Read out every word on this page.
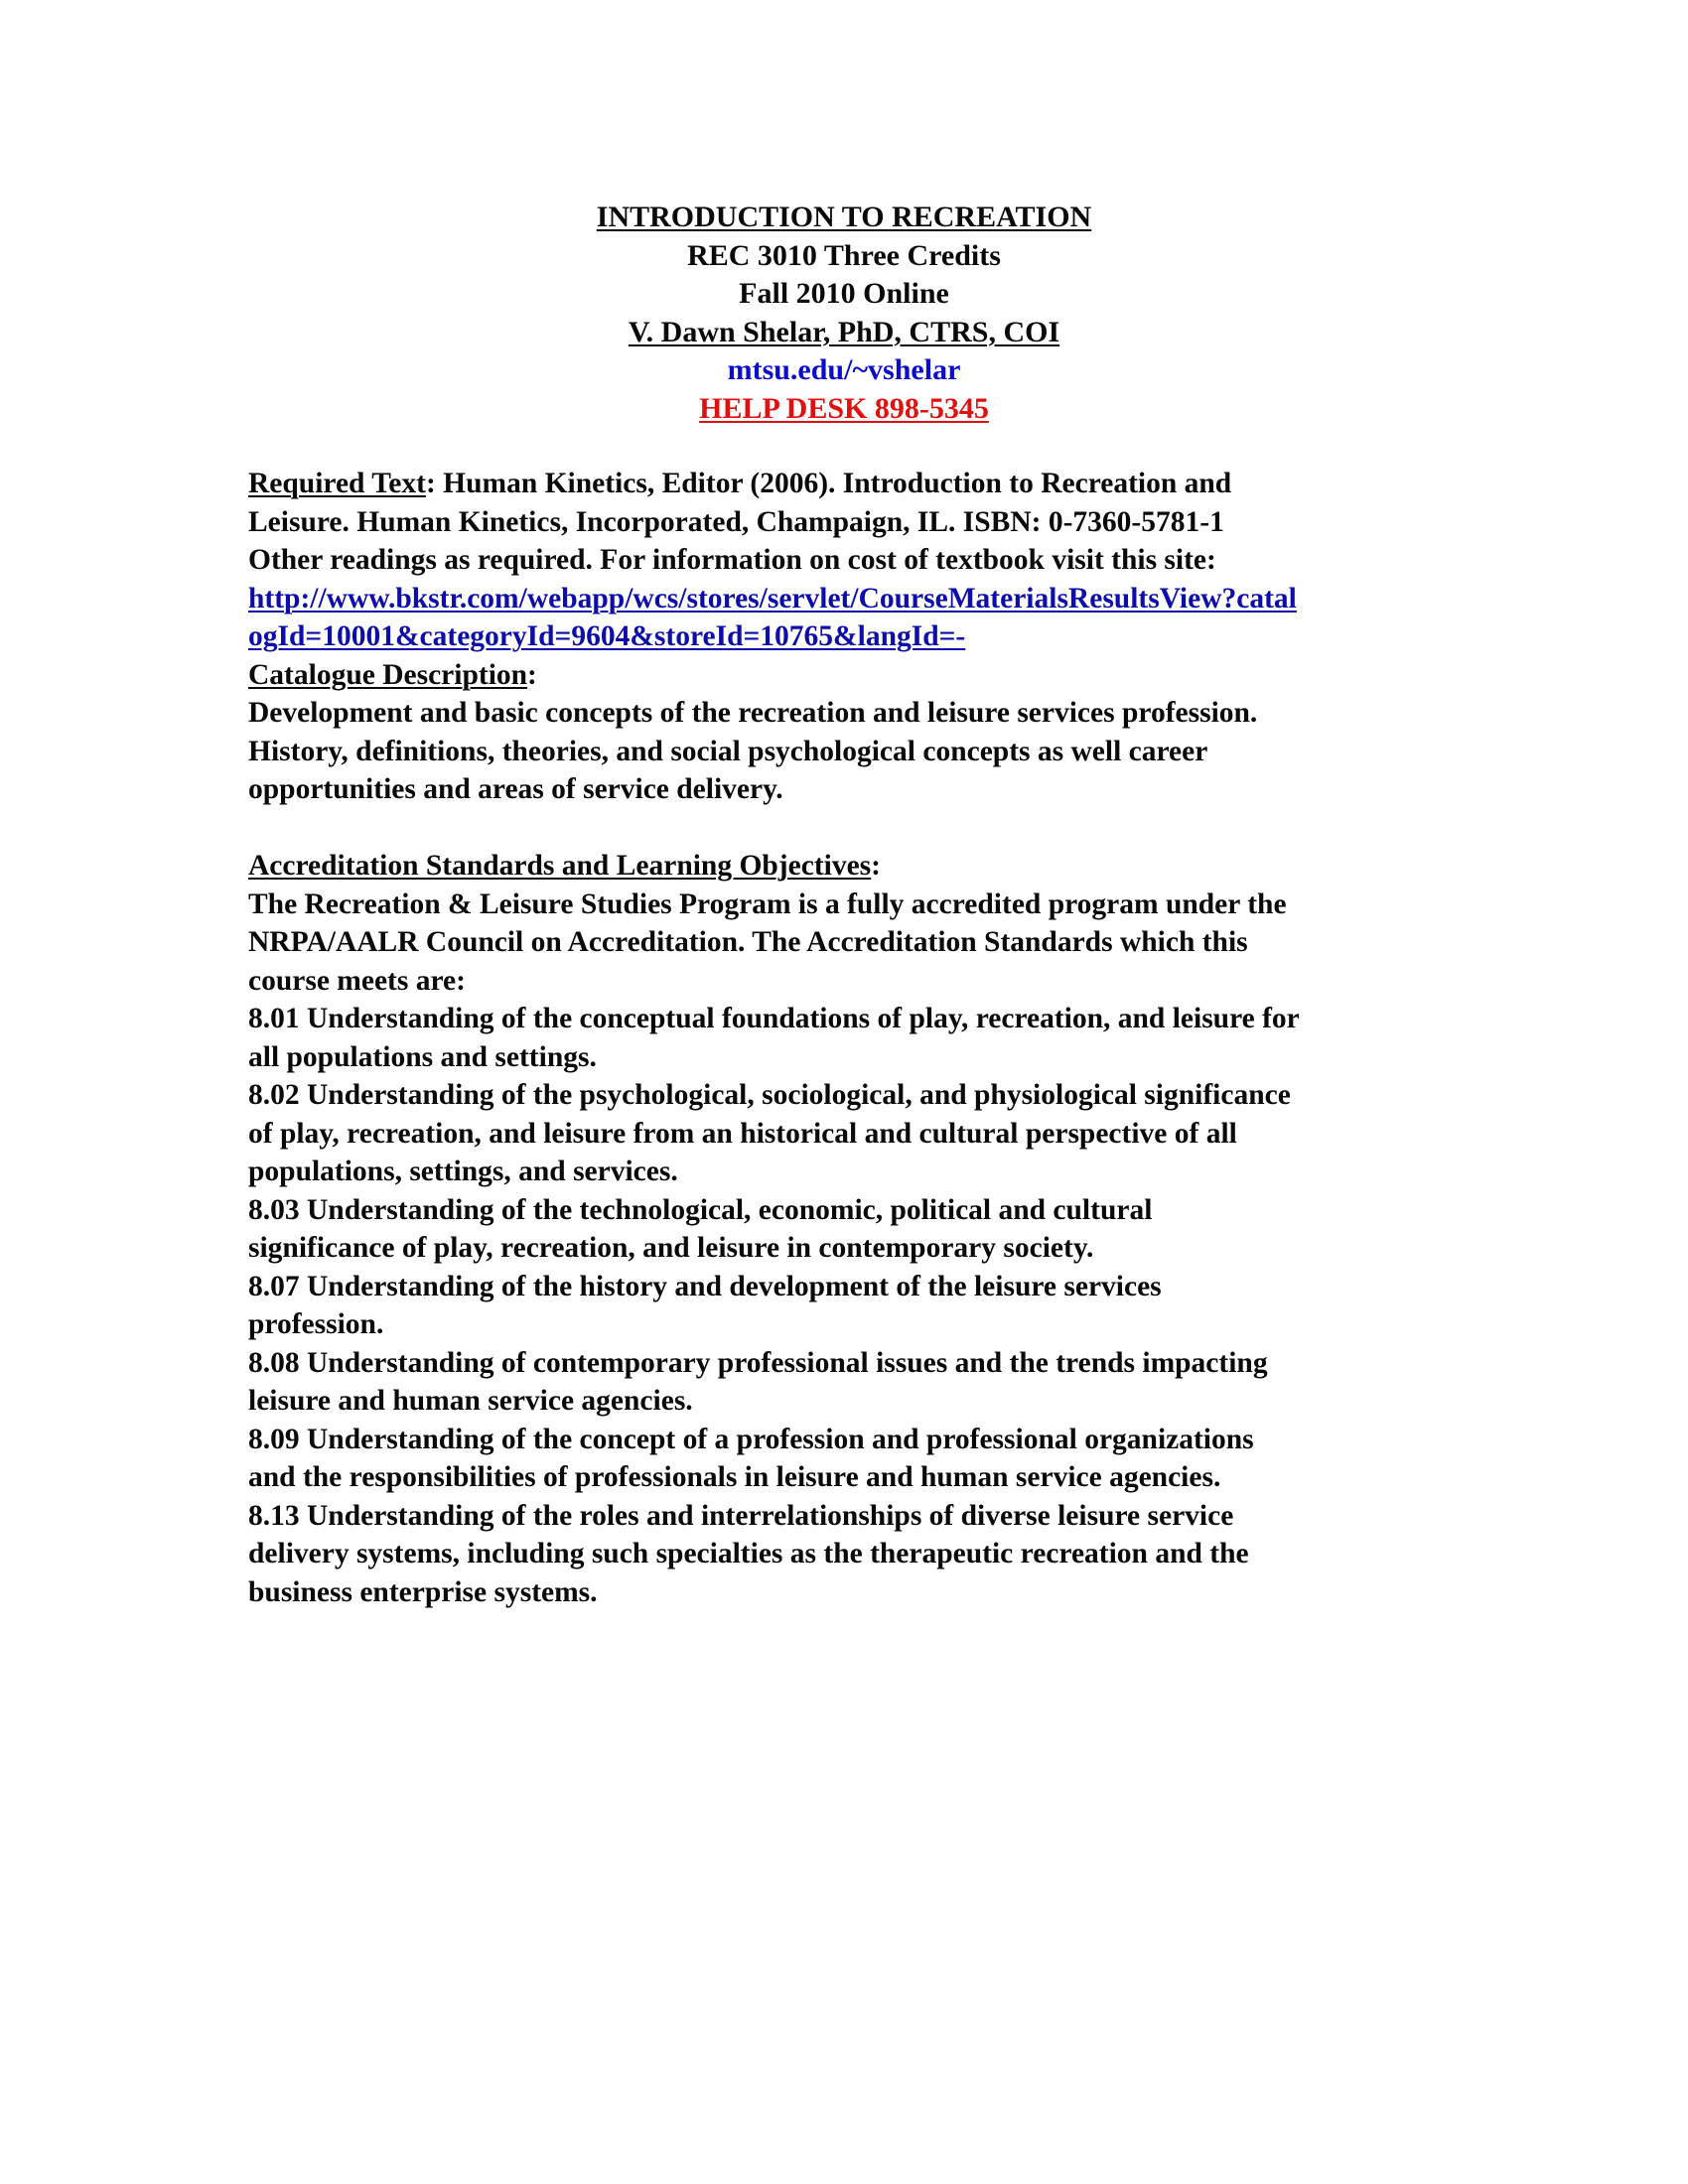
INTRODUCTION TO RECREATION
REC 3010 Three Credits
Fall 2010 Online
V. Dawn Shelar, PhD, CTRS, COI
mtsu.edu/~vshelar
HELP DESK 898-5345
Required Text: Human Kinetics, Editor (2006). Introduction to Recreation and
Leisure. Human Kinetics, Incorporated, Champaign, IL. ISBN: 0-7360-5781-1
Other readings as required. For information on cost of textbook visit this site:
http://www.bkstr.com/webapp/wcs/stores/servlet/CourseMaterialsResultsView?catal
ogId=10001&categoryId=9604&storeId=10765&langId=-
Catalogue Description:
Development and basic concepts of the recreation and leisure services profession.
History, definitions, theories, and social psychological concepts as well career
opportunities and areas of service delivery.
Accreditation Standards and Learning Objectives:
The Recreation & Leisure Studies Program is a fully accredited program under the
NRPA/AALR Council on Accreditation. The Accreditation Standards which this
course meets are:
8.01 Understanding of the conceptual foundations of play, recreation, and leisure for
all populations and settings.
8.02 Understanding of the psychological, sociological, and physiological significance
of play, recreation, and leisure from an historical and cultural perspective of all
populations, settings, and services.
8.03 Understanding of the technological, economic, political and cultural
significance of play, recreation, and leisure in contemporary society.
8.07 Understanding of the history and development of the leisure services
profession.
8.08 Understanding of contemporary professional issues and the trends impacting
leisure and human service agencies.
8.09 Understanding of the concept of a profession and professional organizations
and the responsibilities of professionals in leisure and human service agencies.
8.13 Understanding of the roles and interrelationships of diverse leisure service
delivery systems, including such specialties as the therapeutic recreation and the
business enterprise systems.
